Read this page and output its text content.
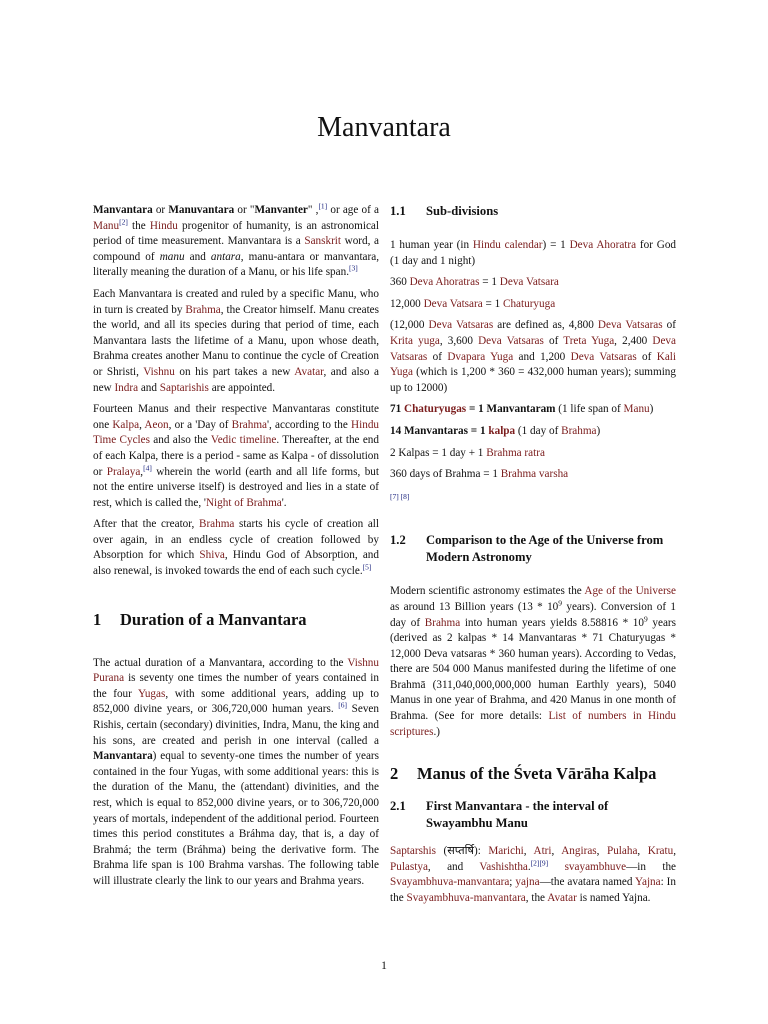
Manvantara

Manvantara or Manuvantara or "Manvanter" ,[1] or age of a Manu[2] the Hindu progenitor of humanity, is an astronomical period of time measurement. Manvantara is a Sanskrit word, a compound of manu and antara, manu-antara or manvantara, literally meaning the duration of a Manu, or his life span.[3]

Each Manvantara is created and ruled by a specific Manu, who in turn is created by Brahma, the Creator himself. Manu creates the world, and all its species during that period of time, each Manvantara lasts the lifetime of a Manu, upon whose death, Brahma creates another Manu to continue the cycle of Creation or Shristi, Vishnu on his part takes a new Avatar, and also a new Indra and Saptarishis are appointed.

Fourteen Manus and their respective Manvantaras constitute one Kalpa, Aeon, or a 'Day of Brahma', according to the Hindu Time Cycles and also the Vedic timeline. Thereafter, at the end of each Kalpa, there is a period - same as Kalpa - of dissolution or Pralaya,[4] wherein the world (earth and all life forms, but not the entire universe itself) is destroyed and lies in a state of rest, which is called the, 'Night of Brahma'.

After that the creator, Brahma starts his cycle of creation all over again, in an endless cycle of creation followed by Absorption for which Shiva, Hindu God of Absorption, and also renewal, is invoked towards the end of each such cycle.[5]

1	Duration of a Manvantara

The actual duration of a Manvantara, according to the Vishnu Purana is seventy one times the number of years contained in the four Yugas, with some additional years, adding up to 852,000 divine years, or 306,720,000 human years. [6] Seven Rishis, certain (secondary) divinities, Indra, Manu, the king and his sons, are created and perish in one interval (called a Manvantara) equal to seventy-one times the number of years contained in the four Yugas, with some additional years: this is the duration of the Manu, the (attendant) divinities, and the rest, which is equal to 852,000 divine years, or to 306,720,000 years of mortals, independent of the additional period. Fourteen times this period constitutes a Bráhma day, that is, a day of Brahmá; the term (Bráhma) being the derivative form. The Brahma life span is 100 Brahma varshas. The following table will illustrate clearly the link to our years and Brahma years.

1.1	Sub-divisions

1 human year (in Hindu calendar) = 1 Deva Ahoratra for God (1 day and 1 night)

360 Deva Ahoratras = 1 Deva Vatsara

12,000 Deva Vatsara = 1 Chaturyuga

(12,000 Deva Vatsaras are defined as, 4,800 Deva Vatsaras of Krita yuga, 3,600 Deva Vatsaras of Treta Yuga, 2,400 Deva Vatsaras of Dvapara Yuga and 1,200 Deva Vatsaras of Kali Yuga (which is 1,200 * 360 = 432,000 human years); summing up to 12000)

71 Chaturyugas = 1 Manvantaram (1 life span of Manu)

14 Manvantaras = 1 kalpa (1 day of Brahma)

2 Kalpas = 1 day + 1 Brahma ratra

360 days of Brahma = 1 Brahma varsha

[7] [8]

1.2	Comparison to the Age of the Universe from Modern Astronomy

Modern scientific astronomy estimates the Age of the Universe as around 13 Billion years ($13 * 10^9$ years). Conversion of 1 day of Brahma into human years yields $8.58816 * 10^9$ years (derived as 2 kalpas * 14 Manvantaras * 71 Chaturyugas * 12,000 Deva vatsaras * 360 human years). According to Vedas, there are 504 000 Manus manifested during the lifetime of one Brahmā (311,040,000,000,000 human Earthly years), 5040 Manus in one year of Brahma, and 420 Manus in one month of Brahma. (See for more details: List of numbers in Hindu scriptures.)

2	Manus of the Śveta Vārāha Kalpa
2.1	First Manvantara - the interval of Swayambhu Manu

Saptarshis (सप्तर्षि): Marichi, Atri, Angiras, Pulaha, Kratu, Pulastya, and Vashishtha.[2][9] svayambhuve—in the Svayambhuva-manvantara; yajna—the avatara named Yajna: In the Svayambhuva-manvantara, the Avatar is named Yajna.

1
